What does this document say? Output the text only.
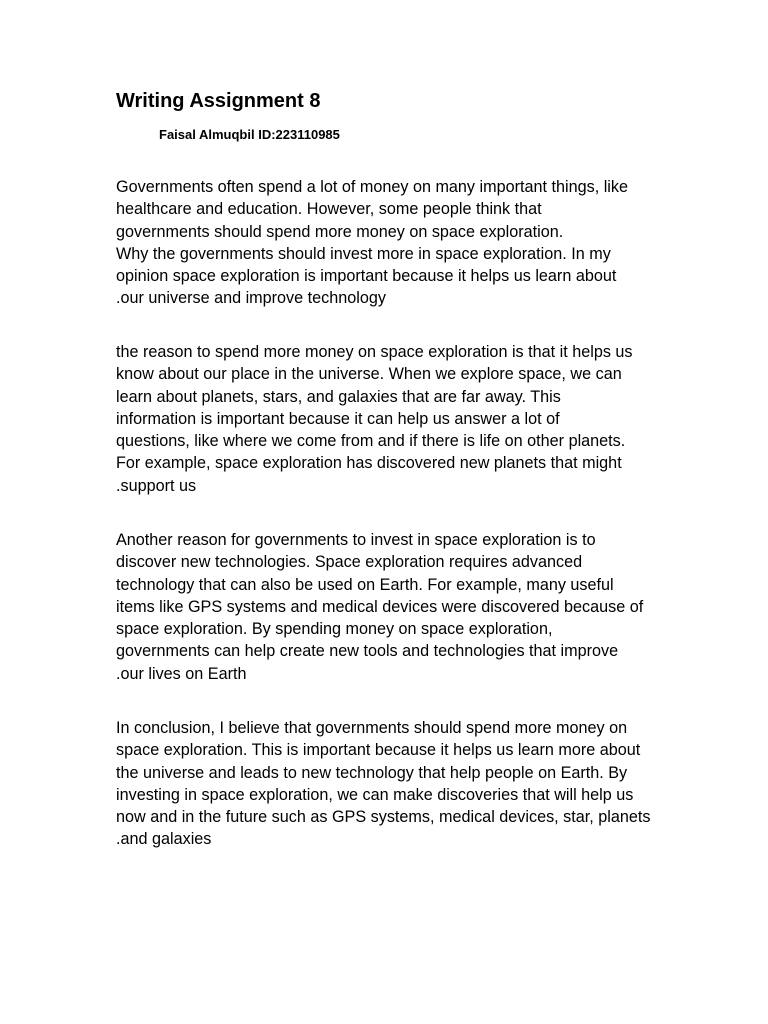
Writing Assignment 8
Faisal Almuqbil ID:223110985
Governments often spend a lot of money on many important things, like
healthcare and education. However, some people think that
governments should spend more money on space exploration.
Why the governments should invest more in space exploration. In my
opinion space exploration is important because it helps us learn about
.our universe and improve technology
the reason to spend more money on space exploration is that it helps us
know about our place in the universe. When we explore space, we can
learn about planets, stars, and galaxies that are far away. This
information is important because it can help us answer a lot of
questions, like where we come from and if there is life on other planets.
For example, space exploration has discovered new planets that might
.support us
Another reason for governments to invest in space exploration is to
discover new technologies. Space exploration requires advanced
technology that can also be used on Earth. For example, many useful
items like GPS systems and medical devices were discovered because of
space exploration. By spending money on space exploration,
governments can help create new tools and technologies that improve
.our lives on Earth
In conclusion, I believe that governments should spend more money on
space exploration. This is important because it helps us learn more about
the universe and leads to new technology that help people on Earth. By
investing in space exploration, we can make discoveries that will help us
now and in the future such as GPS systems, medical devices, star, planets
.and galaxies
